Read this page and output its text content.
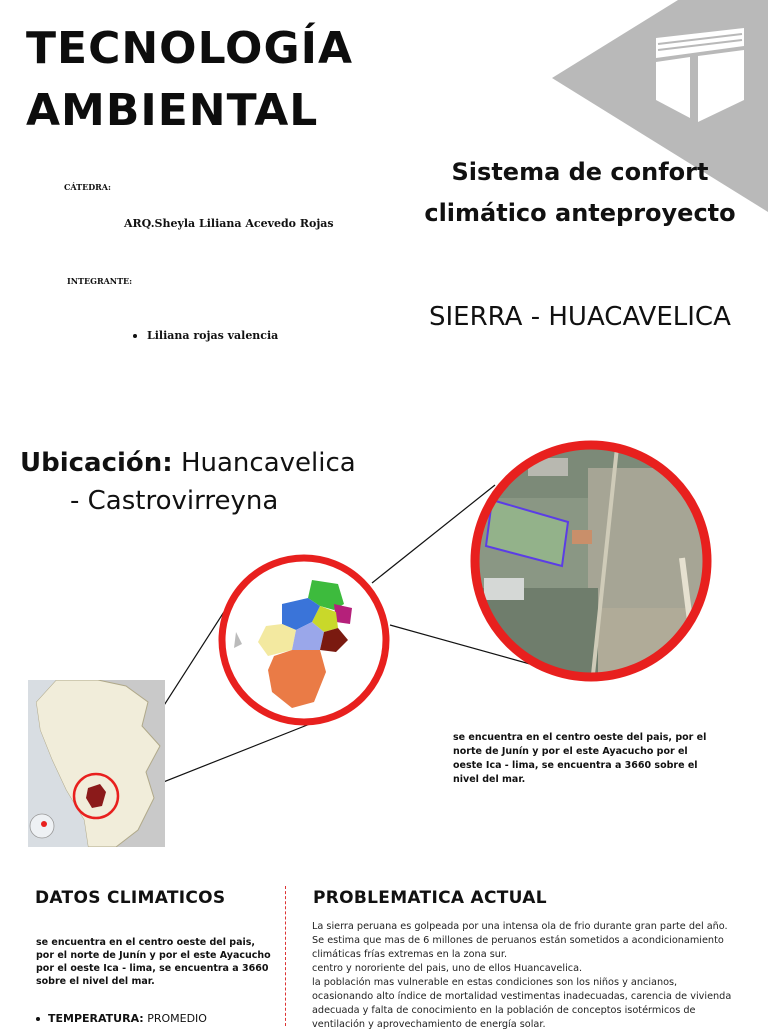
TECNOLOGÍA
AMBIENTAL
CÁTEDRA:
ARQ.Sheyla Liliana Acevedo Rojas
INTEGRANTE:
Liliana rojas valencia
Sistema de confort
climático anteproyecto
SIERRA - HUACAVELICA
Ubicación: Huancavelica
- Castrovirreyna
se encuentra en el centro oeste del pais, por el norte de Junín y por el este Ayacucho por el oeste Ica - lima, se encuentra a 3660 sobre el nivel del mar.
DATOS CLIMATICOS	PROBLEMATICA ACTUAL
se encuentra en el centro oeste del pais, por el norte de Junín y por el este Ayacucho por el oeste Ica - lima, se encuentra a 3660 sobre el nivel del mar.
TEMPERATURA: PROMEDIO

La sierra peruana es golpeada por una intensa ola de frio durante gran parte del año.

Se estima que mas de 6 millones de peruanos están sometidos a acondicionamiento climáticas frías extremas en la zona sur.

centro y nororiente del pais, uno de ellos Huancavelica.

la población mas vulnerable en estas condiciones son los niños y ancianos, ocasionando alto índice de mortalidad vestimentas inadecuadas, carencia de vivienda adecuada y falta de conocimiento en la población de conceptos isotérmicos de ventilación y aprovechamiento de energía solar.
